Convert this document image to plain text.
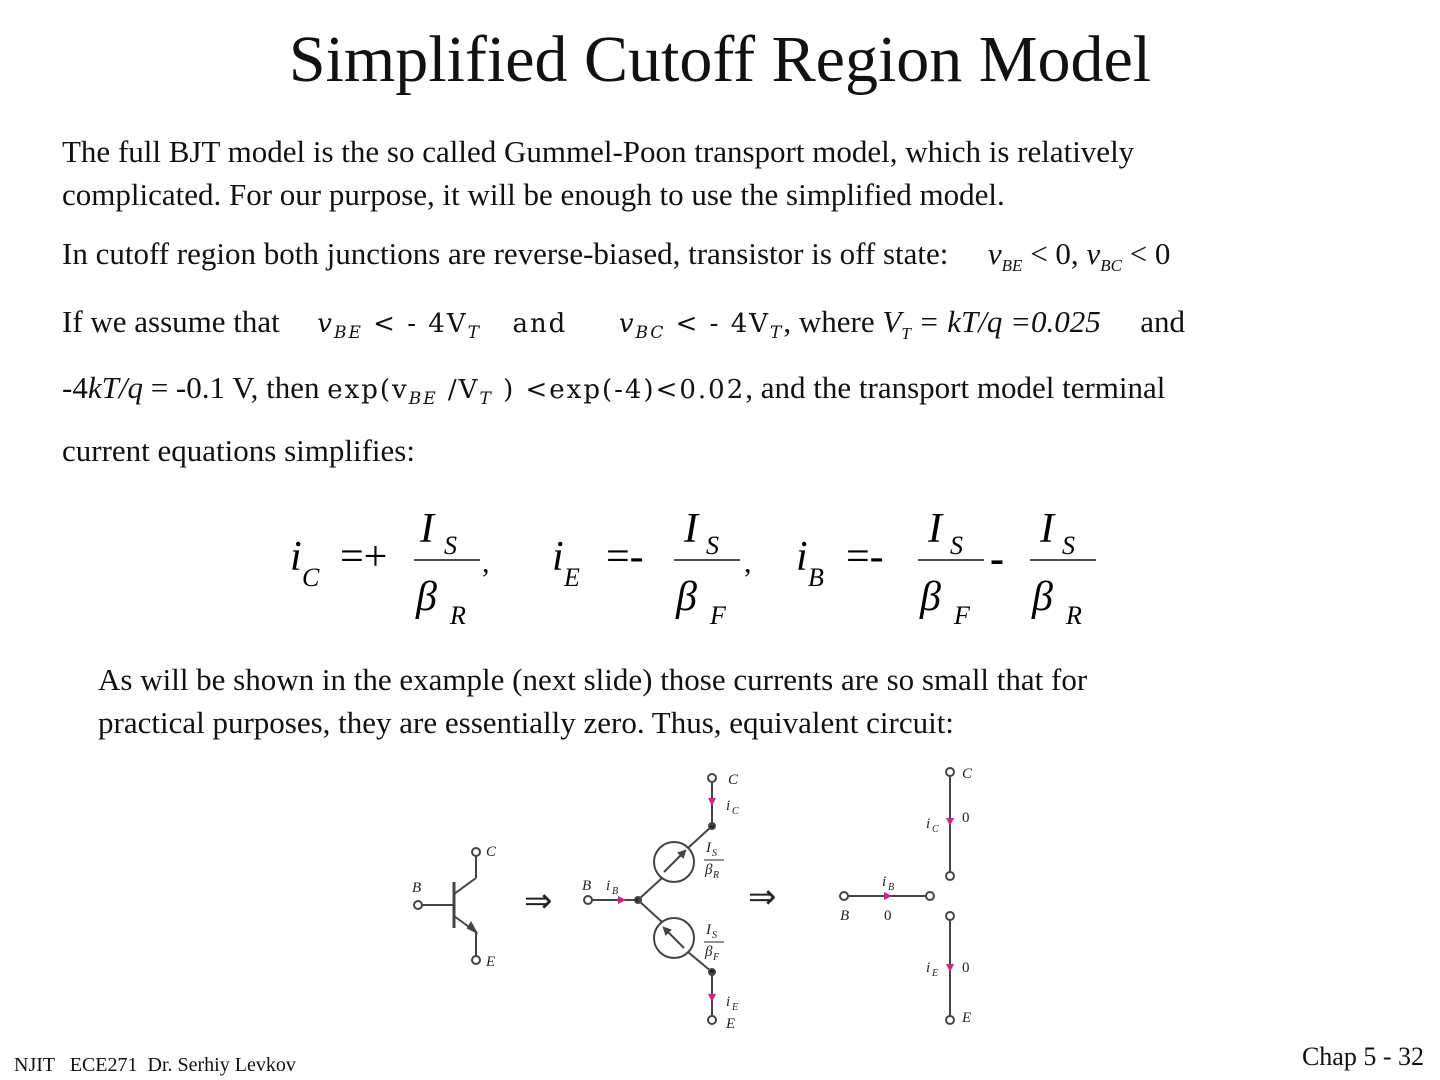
Simplified Cutoff Region Model
The full BJT model is the so called Gummel-Poon transport model, which is relatively
complicated. For our purpose, it will be enough to use the simplified model.
In cutoff region both junctions are reverse-biased, transistor is off state: $v_{BE} < 0$, $v_{BC} < 0$
If we assume that $v_{BE}$ < - $4V_T$ and $v_{BC}$ < - $4V_T$, where $V_T = kT/q =0.025$ and
-4kT/q = -0.1 V, then $\exp(v_{BE}$ $/V_T$ ) <exp(-4)<0.02, and the transport model terminal
current equations simplifies:
i C =+
I S
β R
, i E =-
I S
β F
, i B =-
I S
β F
-
I S
β R
As will be shown in the example (next slide) those currents are so small that for
practical purposes, they are essentially zero. Thus, equivalent circuit:
C
B
E
C
B
E
i C
i B
i E
I S
β R
I S
β F
C
B
E
i C
i B
i E
0
0
0
⇒	⇒
NJIT   ECE271  Dr. Serhiy Levkov	Chap 5 - 32
